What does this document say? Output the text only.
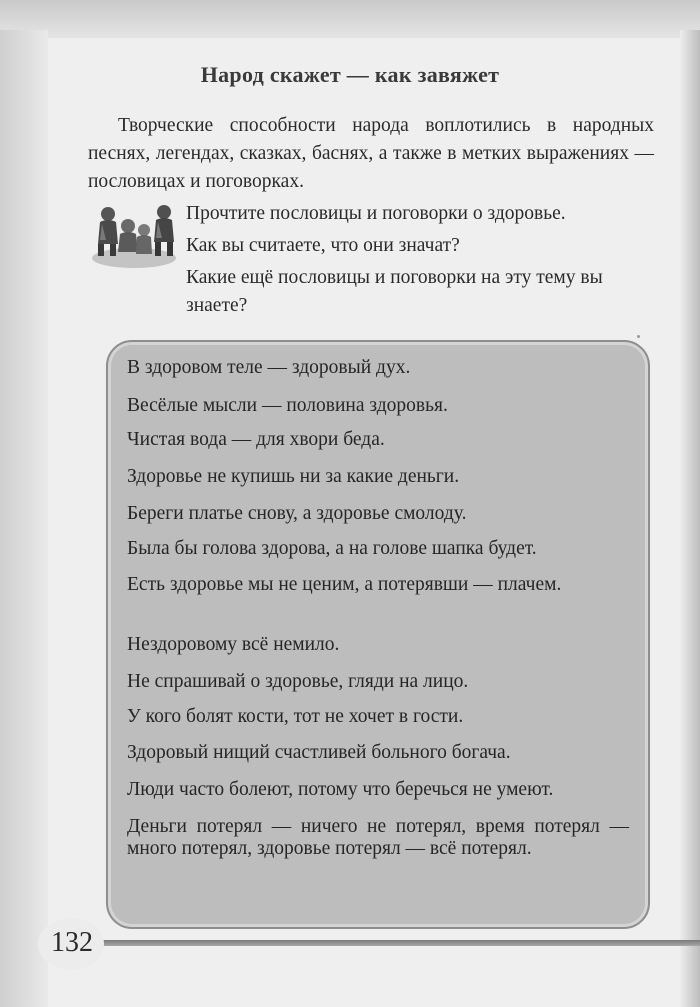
Народ скажет — как завяжет

Творческие способности народа воплотились в народных песнях, легендах, сказках, баснях, а также в метких выражениях — пословицах и поговорках.

Прочтите пословицы и поговорки о здоровье.

Как вы считаете, что они значат?

Какие ещё пословицы и поговорки на эту тему вы знаете?

В здоровом теле — здоровый дух.

Весёлые мысли — половина здоровья.

Чистая вода — для хвори беда.

Здоровье не купишь ни за какие деньги.

Береги платье снову, а здоровье смолоду.

Была бы голова здорова, а на голове шапка будет.

Есть здоровье мы не ценим, а потерявши — плачем.

Нездоровому всё немило.

Не спрашивай о здоровье, гляди на лицо.

У кого болят кости, тот не хочет в гости.

Здоровый нищий счастливей больного богача.

Люди часто болеют, потому что беречься не умеют.

Деньги потерял — ничего не потерял, время потерял — много потерял, здоровье потерял — всё потерял.

132
